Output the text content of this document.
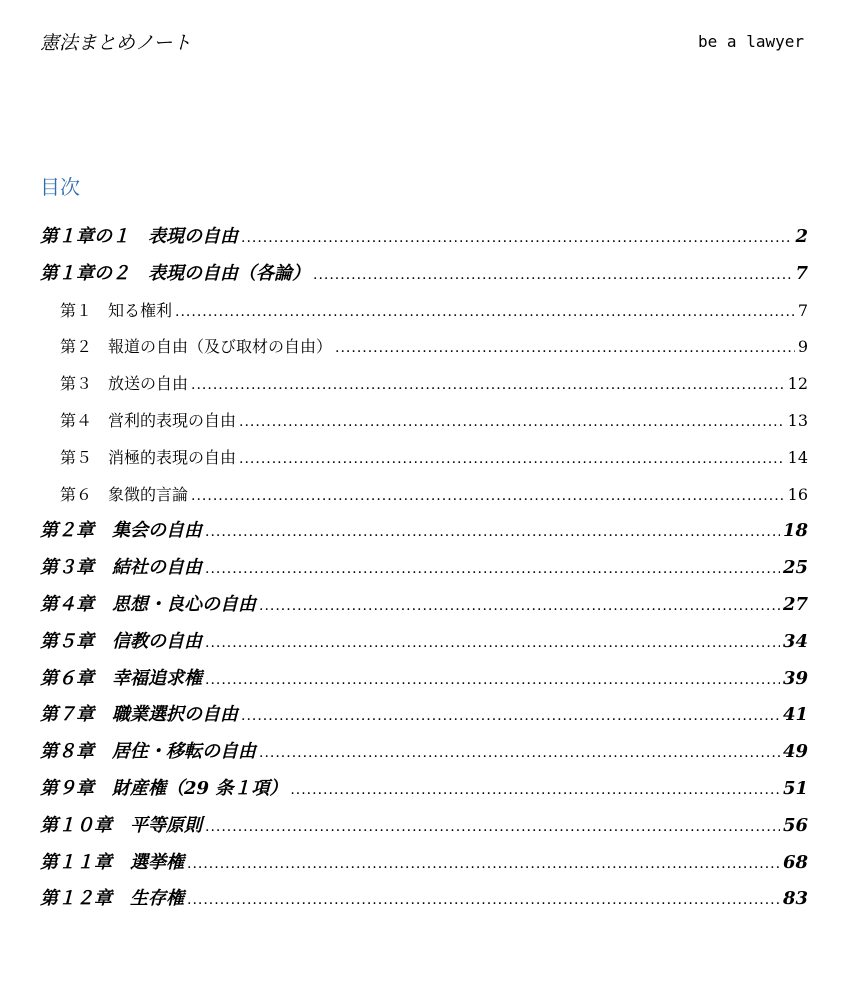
憲法まとめノート	be a lawyer
目次
第１章の１ 表現の自由 .....	2
第１章の２ 表現の自由（各論） .....	7
第１ 知る権利 .....	7
第２ 報道の自由（及び取材の自由） .....	9
第３ 放送の自由 .....	12
第４ 営利的表現の自由 .....	13
第５ 消極的表現の自由 .....	14
第６ 象徴的言論 .....	16
第２章 集会の自由 .....	18
第３章 結社の自由 .....	25
第４章 思想・良心の自由 .....	27
第５章 信教の自由 .....	34
第６章 幸福追求権 .....	39
第７章 職業選択の自由 .....	41
第８章 居住・移転の自由 .....	49
第９章 財産権（29 条１項） .....	51
第１０章 平等原則 .....	56
第１１章 選挙権 .....	68
第１２章 生存権 .....	83
